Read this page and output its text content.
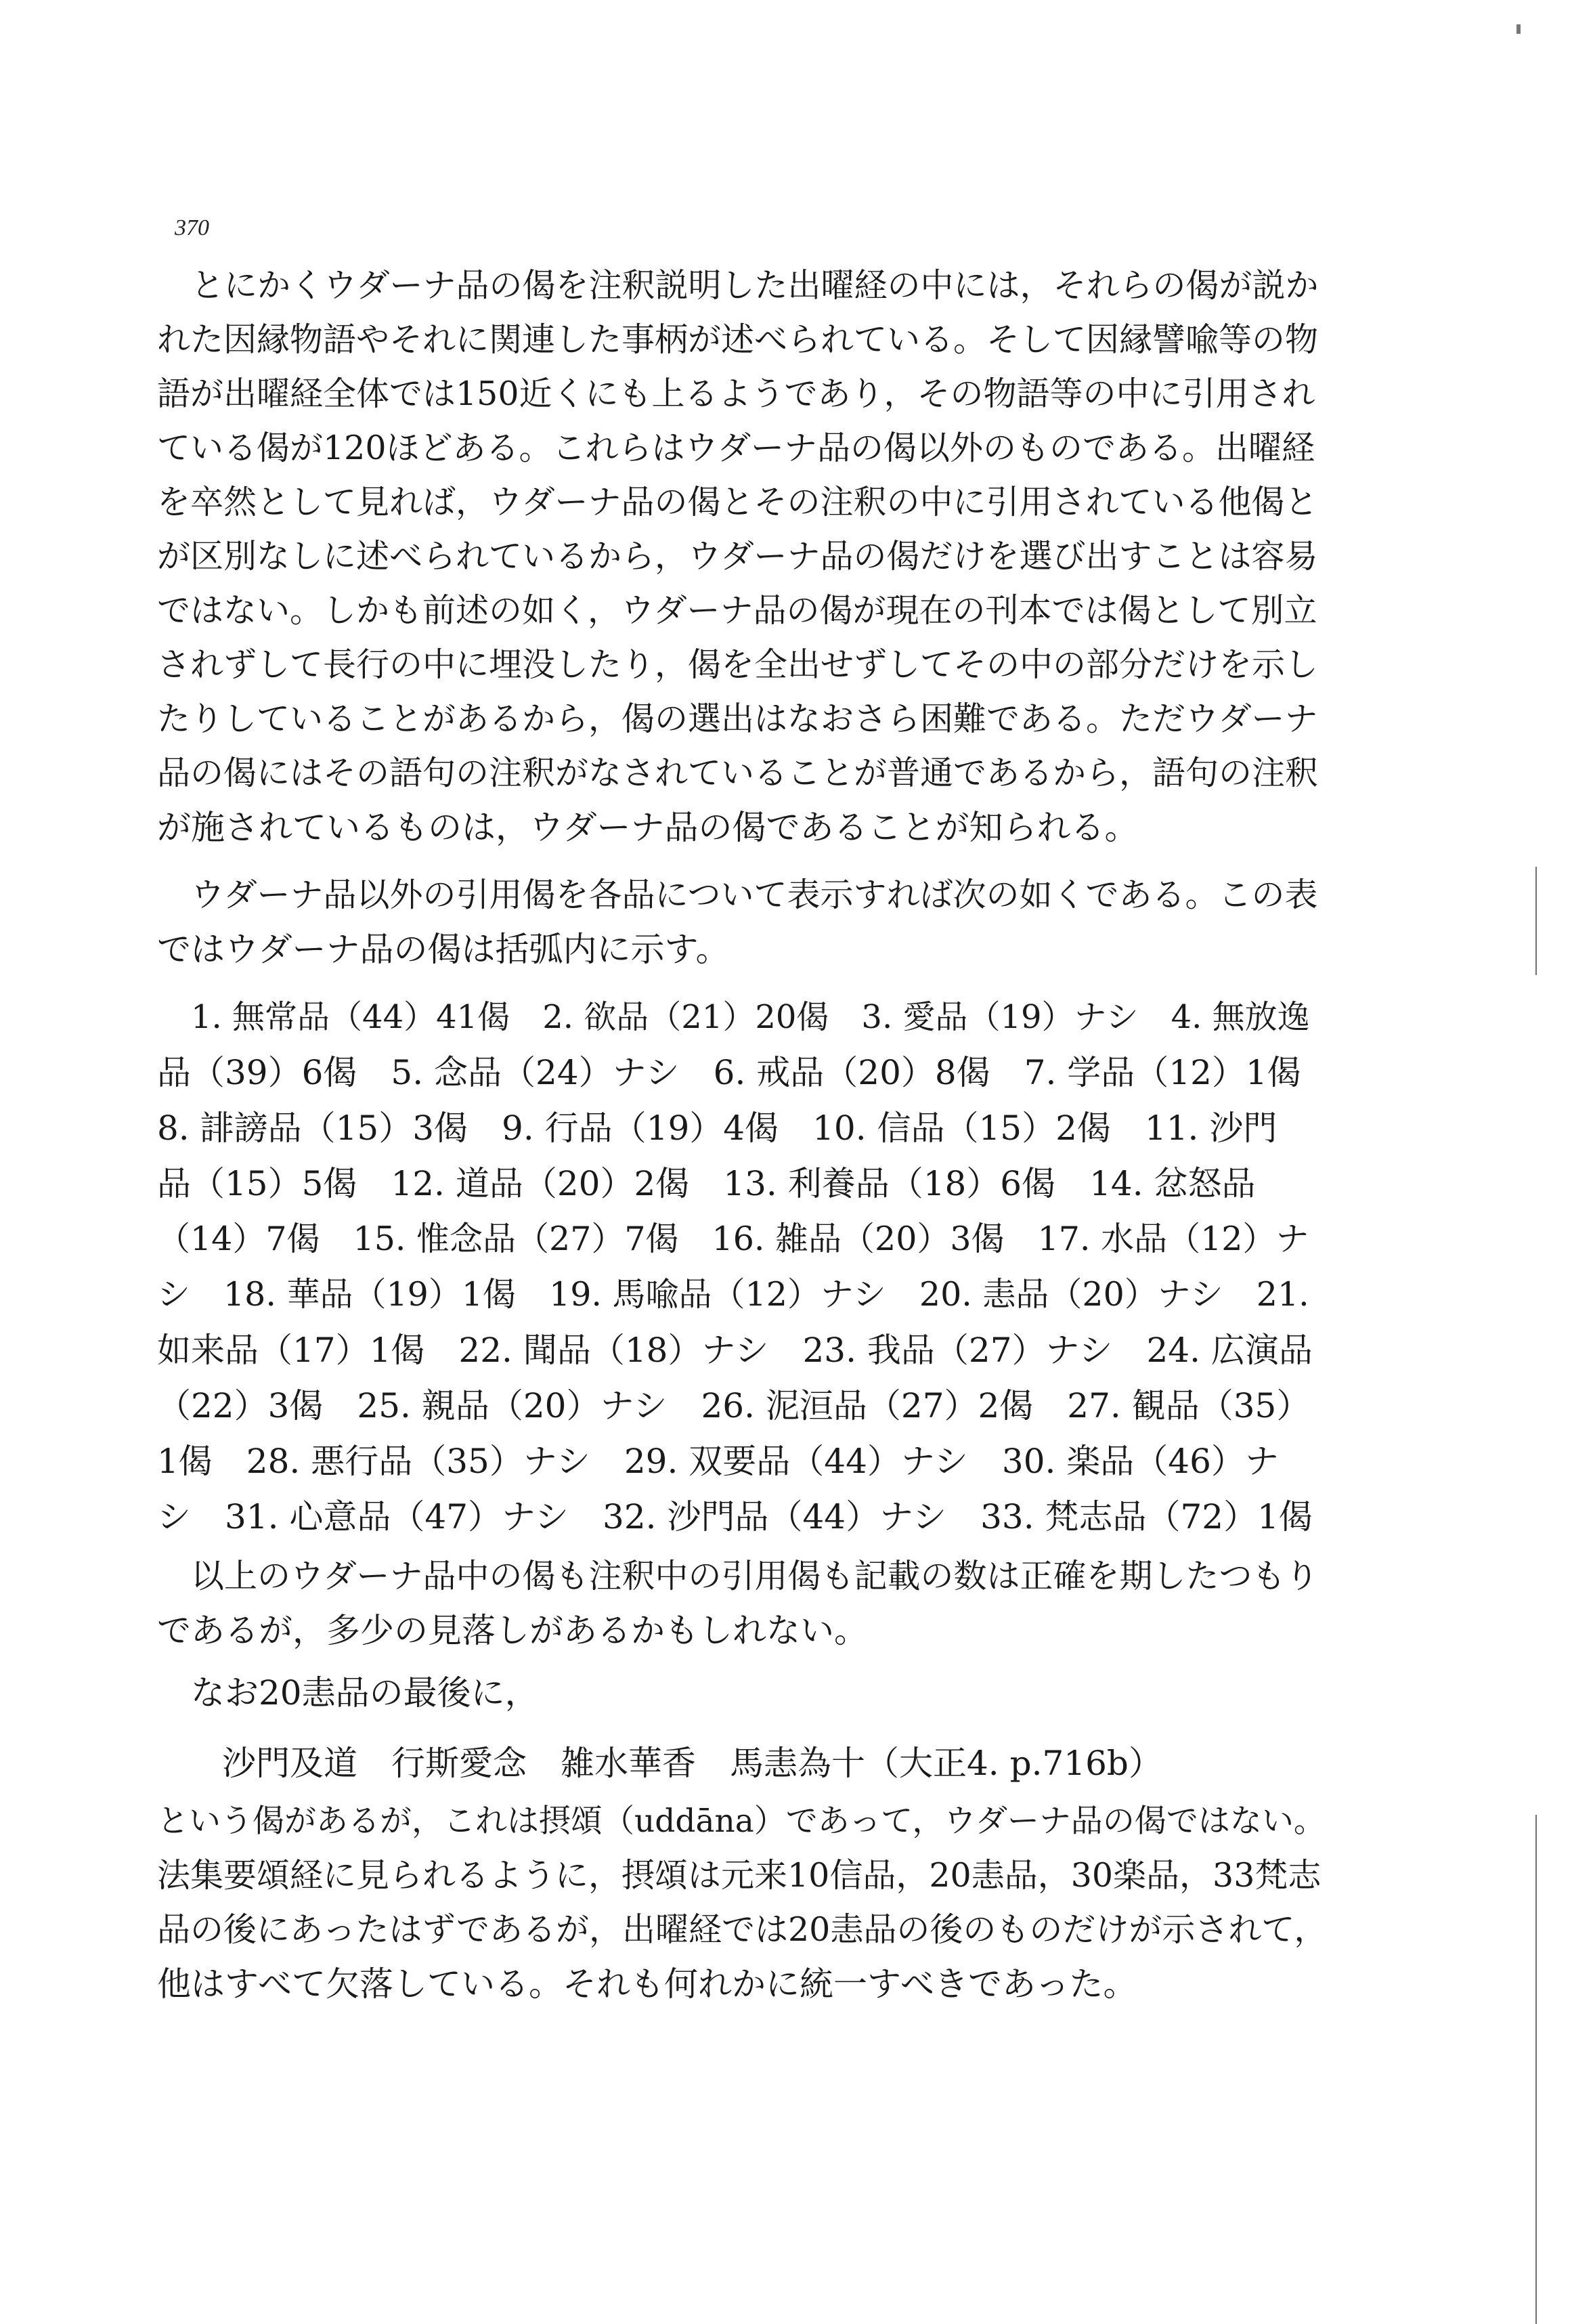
370
とにかくウダーナ品の偈を注釈説明した出曜経の中には，それらの偈が説か
れた因縁物語やそれに関連した事柄が述べられている。そして因縁譬喩等の物
語が出曜経全体では150近くにも上るようであり，その物語等の中に引用され
ている偈が120ほどある。これらはウダーナ品の偈以外のものである。出曜経
を卒然として見れば，ウダーナ品の偈とその注釈の中に引用されている他偈と
が区別なしに述べられているから，ウダーナ品の偈だけを選び出すことは容易
ではない。しかも前述の如く，ウダーナ品の偈が現在の刊本では偈として別立
されずして長行の中に埋没したり，偈を全出せずしてその中の部分だけを示し
たりしていることがあるから，偈の選出はなおさら困難である。ただウダーナ
品の偈にはその語句の注釈がなされていることが普通であるから，語句の注釈
が施されているものは，ウダーナ品の偈であることが知られる。
ウダーナ品以外の引用偈を各品について表示すれば次の如くである。この表
ではウダーナ品の偈は括弧内に示す。
1. 無常品（44）41偈　2. 欲品（21）20偈　3. 愛品（19）ナシ　4. 無放逸
品（39）6偈　5. 念品（24）ナシ　6. 戒品（20）8偈　7. 学品（12）1偈
8. 誹謗品（15）3偈　9. 行品（19）4偈　10. 信品（15）2偈　11. 沙門
品（15）5偈　12. 道品（20）2偈　13. 利養品（18）6偈　14. 忿怒品
（14）7偈　15. 惟念品（27）7偈　16. 雑品（20）3偈　17. 水品（12）ナ
シ　18. 華品（19）1偈　19. 馬喩品（12）ナシ　20. 恚品（20）ナシ　21.
如来品（17）1偈　22. 聞品（18）ナシ　23. 我品（27）ナシ　24. 広演品
（22）3偈　25. 親品（20）ナシ　26. 泥洹品（27）2偈　27. 観品（35）
1偈　28. 悪行品（35）ナシ　29. 双要品（44）ナシ　30. 楽品（46）ナ
シ　31. 心意品（47）ナシ　32. 沙門品（44）ナシ　33. 梵志品（72）1偈
以上のウダーナ品中の偈も注釈中の引用偈も記載の数は正確を期したつもり
であるが，多少の見落しがあるかもしれない。
なお20恚品の最後に，
沙門及道　行斯愛念　雑水華香　馬恚為十（大正4. p.716b）
という偈があるが，これは摂頌（uddāna）であって，ウダーナ品の偈ではない。
法集要頌経に見られるように，摂頌は元来10信品，20恚品，30楽品，33梵志
品の後にあったはずであるが，出曜経では20恚品の後のものだけが示されて，
他はすべて欠落している。それも何れかに統一すべきであった。
